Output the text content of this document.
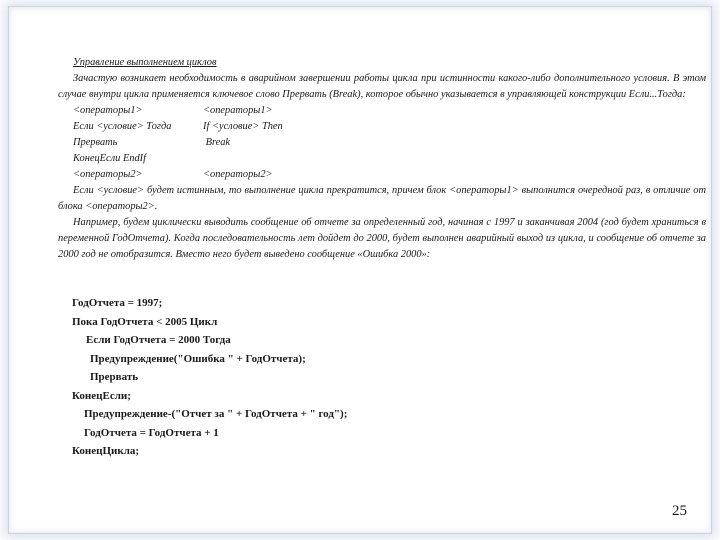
Управление выполнением циклов
Зачастую возникает необходимость в аварийном завершении работы цикла при истинности какого-либо дополнительного условия. В этом случае внутри цикла применяется ключевое слово Прервать (Break), которое обычно указывается в управляющей конструкции Если...Тогда:
<операторы1>	<операторы1>
Если <условие> Тогда	If <условие> Then
Прервать	Break
КонецЕсли EndIf
<операторы2>	<операторы2>
Если <условие> будет истинным, то выполнение цикла прекратится, причем блок <операторы1> выполнится очередной раз, в отличие от блока <операторы2>.
Например, будем циклически выводить сообщение об отчете за определенный год, начиная с 1997 и заканчивая 2004 (год будет храниться в переменной ГодОтчета). Когда последовательность лет дойдет до 2000, будет выполнен аварийный выход из цикла, и сообщение об отчете за 2000 год не отобразится. Вместо него будет выведено сообщение «Ошибка 2000»:
ГодОтчета = 1997;
Пока ГодОтчета < 2005 Цикл
Если ГодОтчета = 2000 Тогда
Предупреждение("Ошибка " + ГодОтчета);
Прервать
КонецЕсли;
Предупреждение-("Отчет за " + ГодОтчета + " год");
ГодОтчета = ГодОтчета + 1
КонецЦикла;
25
